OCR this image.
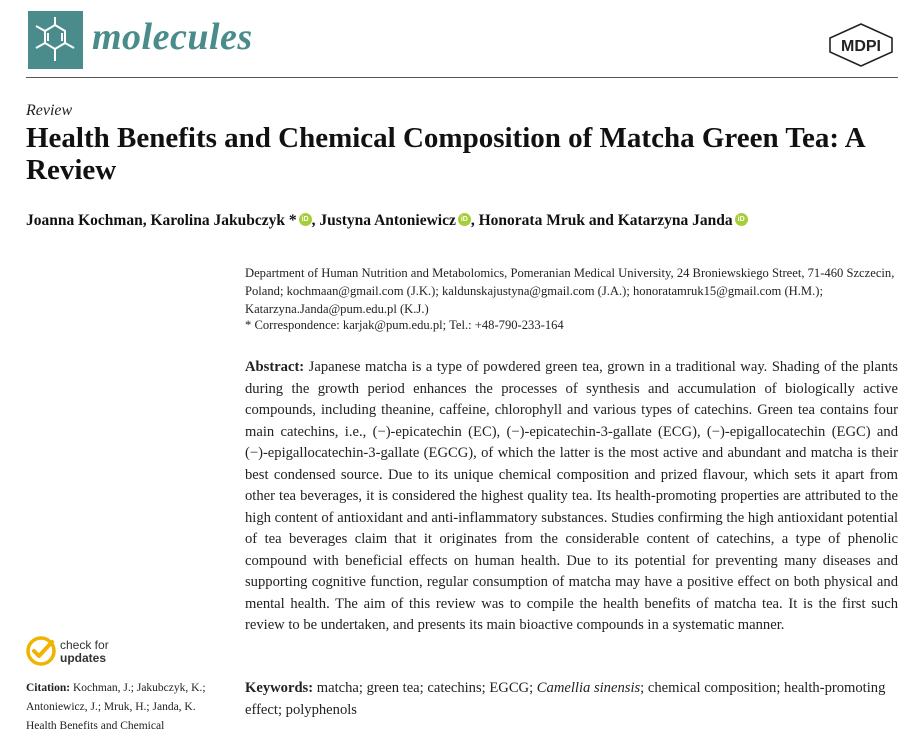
molecules	MDPI
Review
Health Benefits and Chemical Composition of Matcha Green Tea: A Review
Joanna Kochman, Karolina Jakubczyk * iD , Justyna Antoniewicz iD , Honorata Mruk and Katarzyna JandaiD
Department of Human Nutrition and Metabolomics, Pomeranian Medical University, 24 Broniewskiego Street, 71-460 Szczecin, Poland; kochmaan@gmail.com (J.K.); kaldunskajustyna@gmail.com (J.A.); honoratamruk15@gmail.com (H.M.); Katarzyna.Janda@pum.edu.pl (K.J.)
* Correspondence: karjak@pum.edu.pl; Tel.: +48-790-233-164
Abstract: Japanese matcha is a type of powdered green tea, grown in a traditional way. Shading of the plants during the growth period enhances the processes of synthesis and accumulation of biologically active compounds, including theanine, caffeine, chlorophyll and various types of catechins. Green tea contains four main catechins, i.e., (−)-epicatechin (EC), (−)-epicatechin-3-gallate (ECG), (−)-epigallocatechin (EGC) and (−)-epigallocatechin-3-gallate (EGCG), of which the latter is the most active and abundant and matcha is their best condensed source. Due to its unique chemical composition and prized flavour, which sets it apart from other tea beverages, it is considered the highest quality tea. Its health-promoting properties are attributed to the high content of antioxidant and anti-inflammatory substances. Studies confirming the high antioxidant potential of tea beverages claim that it originates from the considerable content of catechins, a type of phenolic compound with beneficial effects on human health. Due to its potential for preventing many diseases and supporting cognitive function, regular consumption of matcha may have a positive effect on both physical and mental health. The aim of this review was to compile the health benefits of matcha tea. It is the first such review to be undertaken, and presents its main bioactive compounds in a systematic manner.
Keywords: matcha; green tea; catechins; EGCG; Camellia sinensis; chemical composition; health-promoting effect; polyphenols
check for
updates
Citation: Kochman, J.; Jakubczyk, K.; Antoniewicz, J.; Mruk, H.; Janda, K. Health Benefits and Chemical
